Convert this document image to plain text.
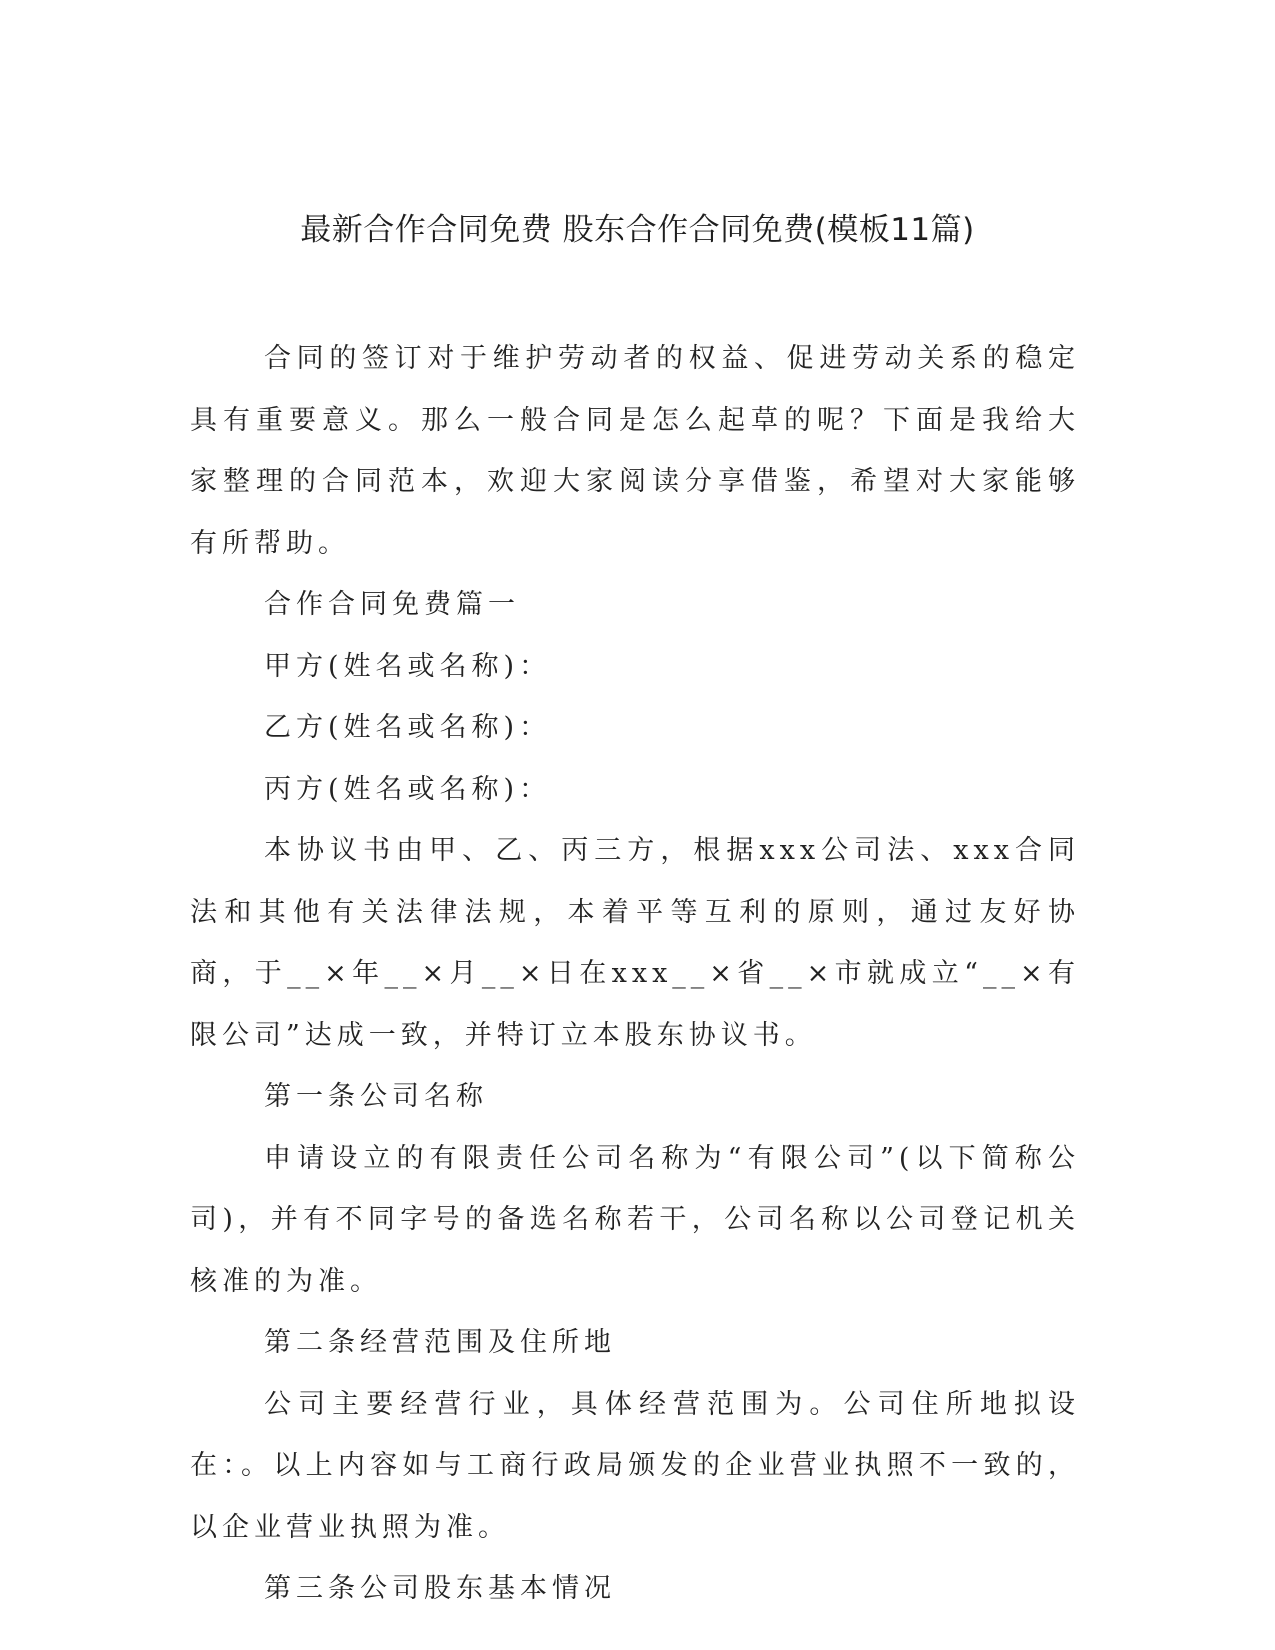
最新合作合同免费 股东合作合同免费(模板11篇)

合同的签订对于维护劳动者的权益、促进劳动关系的稳定具有重要意义。那么一般合同是怎么起草的呢？下面是我给大家整理的合同范本，欢迎大家阅读分享借鉴，希望对大家能够有所帮助。

合作合同免费篇一

甲方(姓名或名称)：

乙方(姓名或名称)：

丙方(姓名或名称)：

本协议书由甲、乙、丙三方，根据xxx公司法、xxx合同法和其他有关法律法规，本着平等互利的原则，通过友好协商，于__×年__×月__×日在xxx__×省__×市就成立“__×有限公司”达成一致，并特订立本股东协议书。

第一条公司名称

申请设立的有限责任公司名称为“有限公司”(以下简称公司)，并有不同字号的备选名称若干，公司名称以公司登记机关核准的为准。

第二条经营范围及住所地

公司主要经营行业，具体经营范围为。公司住所地拟设在：。以上内容如与工商行政局颁发的企业营业执照不一致的，以企业营业执照为准。

第三条公司股东基本情况
